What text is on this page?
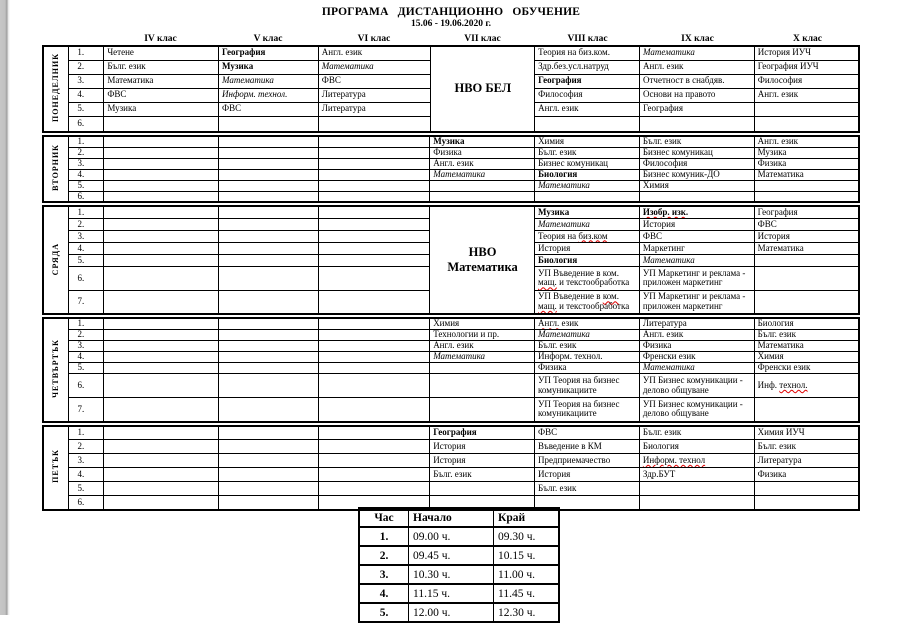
ПРОГРАМА ДИСТАНЦИОННО ОБУЧЕНИЕ
15.06 - 19.06.2020 г.
		IV клас	V клас	VI клас	VII клас	VIII клас	IX клас	X клас
ПОНЕДЕЛНИК	1.	Четене	География	Англ. език	НВО БЕЛ	Теория на биз.ком.	Математика	История ИУЧ
	2.	Бълг. език	Музика	Математика		Здр.без.усл.натруд	Англ. език	География ИУЧ
	3.	Математика	Математика	ФВС		География	Отчетност в снабдяв.	Философия
	4.	ФВС	Информ. технол.	Литература		Философия	Основи на правото	Англ. език
	5.	Музика	ФВС	Литература		Англ. език	География	
	6.							
ВТОРНИК	1.				Музика	Химия	Бълг. език	Англ. език
	2.				Физика	Бълг. език	Бизнес комуникац	Музика
	3.				Англ. език	Бизнес комуникац	Философия	Физика
	4.				Математика	Биология	Бизнес комуник-ДО	Математика
	5.					Математика	Химия	
	6.							
СРЯДА	1.				НВО Математика	Музика	Изобр. изк.	География
	2.					Математика	История	ФВС
	3.					Теория на биз.ком	ФВС	История
	4.					История	Маркетинг	Математика
	5.					Биология	Математика	
	6.					УП Въведение в ком. мащ. и текстообработка	УП Маркетинг и реклама - приложен маркетинг	
	7.					УП Въведение в ком. мащ. и текстообработка	УП Маркетинг и реклама - приложен маркетинг	
ЧЕТВЪРТЪК	1.				Химия	Англ. език	Литература	Биология
	2.				Технологии и пр.	Математика	Англ. език	Бълг. език
	3.				Англ. език	Бълг. език	Физика	Математика
	4.				Математика	Информ. технол.	Френски език	Химия
	5.					Физика	Математика	Френски език
	6.					УП Теория на бизнес комуникациите	УП Бизнес комуникации - делово общуване	Инф. технол.
	7.					УП Теория на бизнес комуникациите	УП Бизнес комуникации - делово общуване	
ПЕТЪК	1.				География	ФВС	Бълг. език	Химия ИУЧ
	2.				История	Въведение в КМ	Биология	Бълг. език
	3.				История	Предприемачество	Информ. технол	Литература
	4.				Бълг. език	История	Здр.БУТ	Физика
	5.					Бълг. език		
	6.							
Час	Начало	Край
1.	09.00 ч.	09.30 ч.
2.	09.45 ч.	10.15 ч.
3.	10.30 ч.	11.00 ч.
4.	11.15 ч.	11.45 ч.
5.	12.00 ч.	12.30 ч.
